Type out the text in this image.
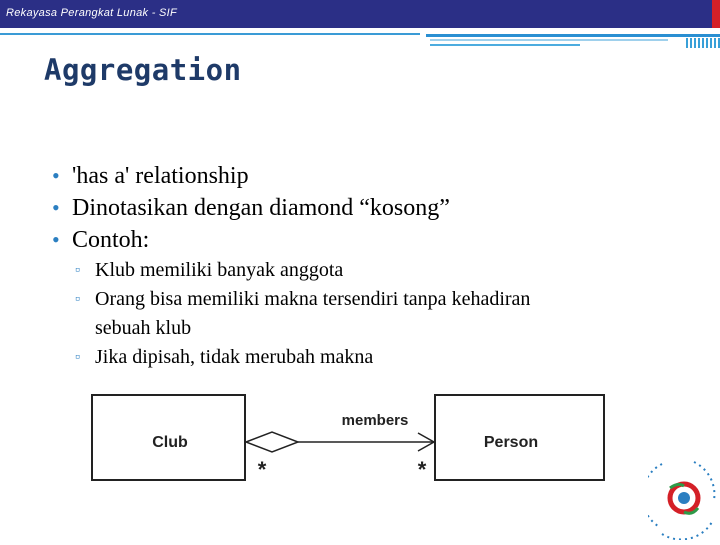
Rekayasa Perangkat Lunak - SIF
Aggregation
• 'has a' relationship
• Dinotasikan dengan diamond “kosong”
• Contoh:
▫ Klub memiliki banyak anggota
▫ Orang bisa memiliki makna tersendiri tanpa kehadiran
sebuah klub
▫ Jika dipisah, tidak merubah makna
Club	Person
members
*	*
